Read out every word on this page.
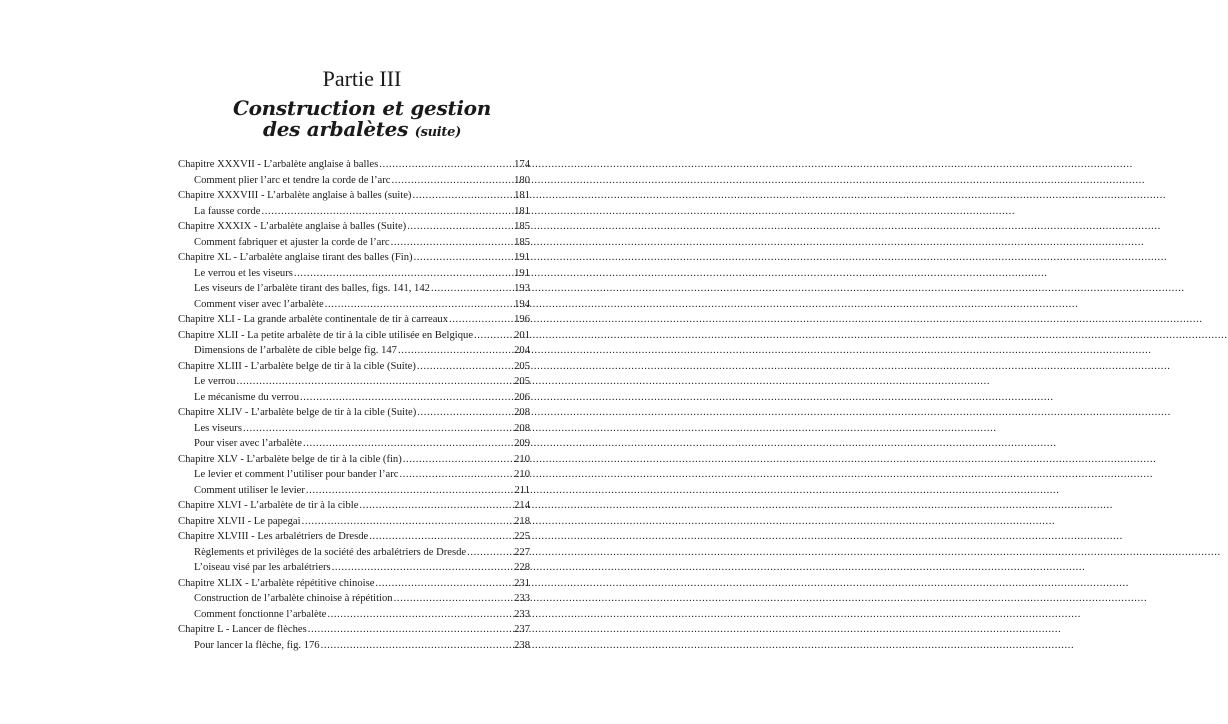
Partie III
Construction et gestion
des arbalètes (suite)
Chapitre XXXVII - L’arbalète anglaise à balles .....	174
Comment plier l’arc et tendre la corde de l’arc .....	180
Chapitre XXXVIII - L’arbalète anglaise à balles (suite) .....	181
La fausse corde .....	181
Chapitre XXXIX - L’arbalète anglaise à balles (Suite) .....	185
Comment fabriquer et ajuster la corde de l’arc .....	185
Chapitre XL - L’arbalète anglaise tirant des balles (Fin) .....	191
Le verrou et les viseurs .....	191
Les viseurs de l’arbalète tirant des balles, figs. 141, 142 .....	193
Comment viser avec l’arbalète .....	194
Chapitre XLI - La grande arbalète continentale de tir à carreaux .....	196
Chapitre XLII - La petite arbalète de tir à la cible utilisée en Belgique .....	201
Dimensions de l’arbalète de cible belge fig. 147 .....	204
Chapitre XLIII - L’arbalète belge de tir à la cible (Suite) .....	205
Le verrou .....	205
Le mécanisme du verrou .....	206
Chapitre XLIV - L’arbalète belge de tir à la cible (Suite) .....	208
Les viseurs .....	208
Pour viser avec l’arbalète .....	209
Chapitre XLV - L’arbalète belge de tir à la cible (fin) .....	210
Le levier et comment l’utiliser pour bander l’arc .....	210
Comment utiliser le levier .....	211
Chapitre XLVI - L’arbalète de tir à la cible .....	214
Chapitre XLVII - Le papegai .....	218
Chapitre XLVIII - Les arbalétriers de Dresde .....	225
Règlements et privilèges de la société des arbalétriers de Dresde .....	227
L’oiseau visé par les arbalétriers .....	228
Chapitre XLIX - L’arbalète répétitive chinoise .....	231
Construction de l’arbalète chinoise à répétition .....	233
Comment fonctionne l’arbalète .....	233
Chapitre L - Lancer de flèches .....	237
Pour lancer la flèche, fig. 176 .....	238
